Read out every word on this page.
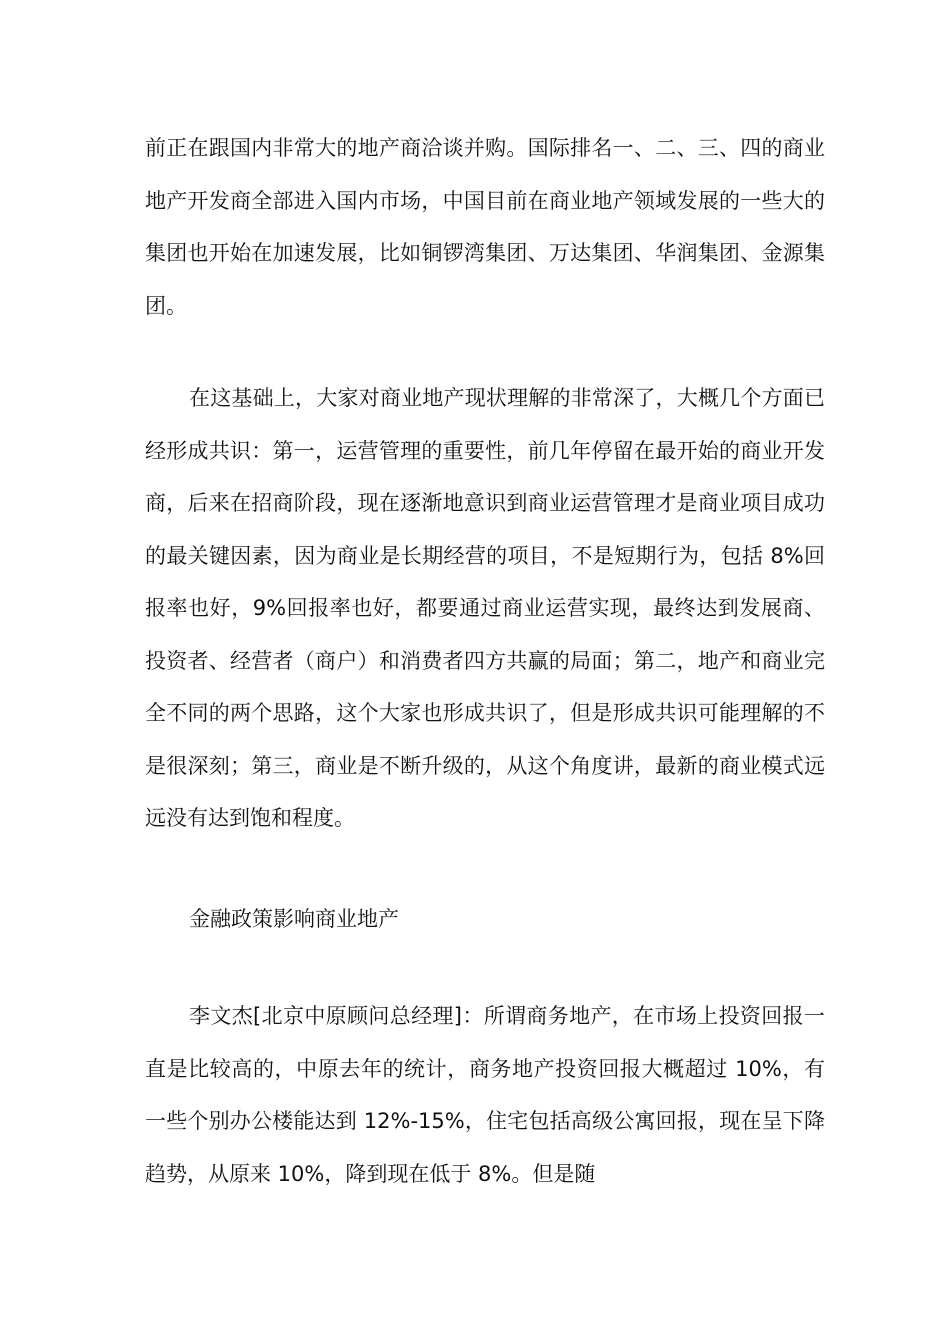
前正在跟国内非常大的地产商洽谈并购。国际排名一、二、三、四的商业地产开发商全部进入国内市场，中国目前在商业地产领域发展的一些大的集团也开始在加速发展，比如铜锣湾集团、万达集团、华润集团、金源集团。

在这基础上，大家对商业地产现状理解的非常深了，大概几个方面已经形成共识：第一，运营管理的重要性，前几年停留在最开始的商业开发商，后来在招商阶段，现在逐渐地意识到商业运营管理才是商业项目成功的最关键因素，因为商业是长期经营的项目，不是短期行为，包括 8%回报率也好，9%回报率也好，都要通过商业运营实现，最终达到发展商、投资者、经营者（商户）和消费者四方共赢的局面；第二，地产和商业完全不同的两个思路，这个大家也形成共识了，但是形成共识可能理解的不是很深刻；第三，商业是不断升级的，从这个角度讲，最新的商业模式远远没有达到饱和程度。

金融政策影响商业地产

李文杰[北京中原顾问总经理]：所谓商务地产，在市场上投资回报一直是比较高的，中原去年的统计，商务地产投资回报大概超过 10%，有一些个别办公楼能达到 12%-15%，住宅包括高级公寓回报，现在呈下降趋势，从原来 10%，降到现在低于 8%。但是随
